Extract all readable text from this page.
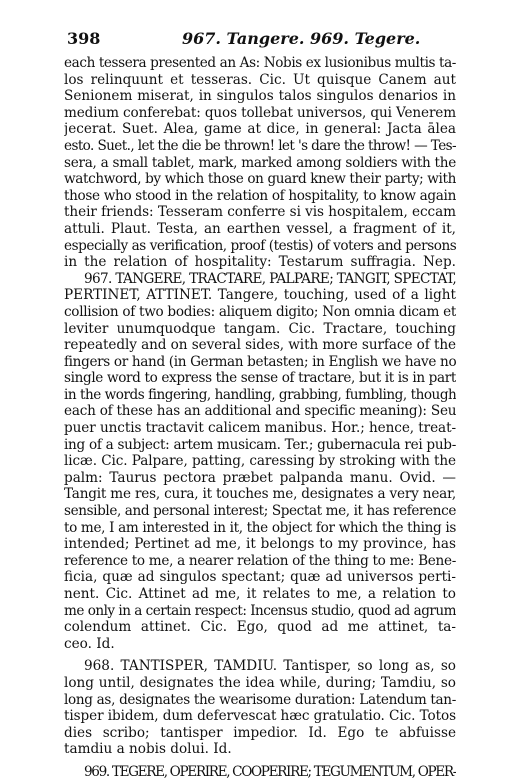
398	967. Tangere. 969. Tegere.
each tessera presented an As: Nobis ex lusionibus multis ta-
los relinquunt et tesseras. Cic. Ut quisque Canem aut
Senionem miserat, in singulos talos singulos denarios in
medium conferebat: quos tollebat universos, qui Venerem
jecerat. Suet. Alea, game at dice, in general: Jacta ālea
esto. Suet., let the die be thrown! let 's dare the throw! — Tes-
sera, a small tablet, mark, marked among soldiers with the
watchword, by which those on guard knew their party; with
those who stood in the relation of hospitality, to know again
their friends: Tesseram conferre si vis hospitalem, eccam
attuli. Plaut. Testa, an earthen vessel, a fragment of it,
especially as verification, proof (testis) of voters and persons
in the relation of hospitality: Testarum suffragia. Nep.
967. TANGERE, TRACTARE, PALPARE; TANGIT, SPECTAT,
PERTINET, ATTINET. Tangere, touching, used of a light
collision of two bodies: aliquem digito; Non omnia dicam et
leviter unumquodque tangam. Cic. Tractare, touching
repeatedly and on several sides, with more surface of the
fingers or hand (in German betasten; in English we have no
single word to express the sense of tractare, but it is in part
in the words fingering, handling, grabbing, fumbling, though
each of these has an additional and specific meaning): Seu
puer unctis tractavit calicem manibus. Hor.; hence, treat-
ing of a subject: artem musicam. Ter.; gubernacula rei pub-
licæ. Cic. Palpare, patting, caressing by stroking with the
palm: Taurus pectora præbet palpanda manu. Ovid. —
Tangit me res, cura, it touches me, designates a very near,
sensible, and personal interest; Spectat me, it has reference
to me, I am interested in it, the object for which the thing is
intended; Pertinet ad me, it belongs to my province, has
reference to me, a nearer relation of the thing to me: Bene-
ficia, quæ ad singulos spectant; quæ ad universos perti-
nent. Cic. Attinet ad me, it relates to me, a relation to
me only in a certain respect: Incensus studio, quod ad agrum
colendum attinet. Cic. Ego, quod ad me attinet, ta-
ceo. Id.
968. TANTISPER, TAMDIU. Tantisper, so long as, so
long until, designates the idea while, during; Tamdiu, so
long as, designates the wearisome duration: Latendum tan-
tisper ibidem, dum defervescat hæc gratulatio. Cic. Totos
dies scribo; tantisper impedior. Id. Ego te abfuisse
tamdiu a nobis dolui. Id.
969. TEGERE, OPERIRE, COOPERIRE; TEGUMENTUM, OPER-
